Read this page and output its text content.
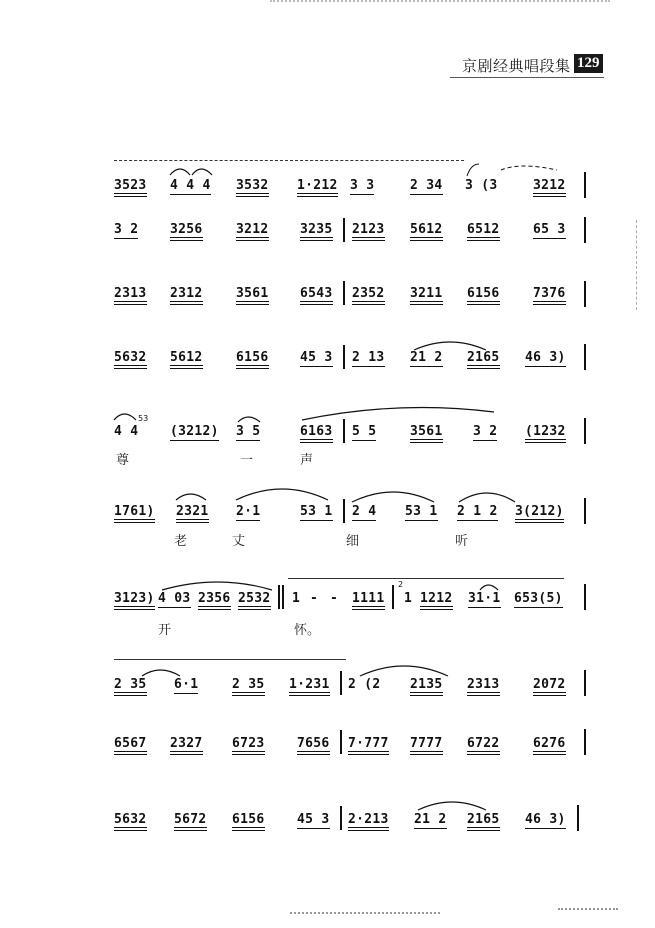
京剧经典唱段集 129
3523 4 4 4 3532 1·212 3 3	2 34 3 (3	3212
3 2 3256	3212 3235 2123 5612 6512	65 3
2313 2312	3561 6543 2352 3211 6156	7376
5632 5612	6156 45 3 2 13 21 2 2165 46 3)
53
4 4 (3212) 3 5	6163 5 5	3561 3 2 (1232
尊	一	声
1761) 2321 2·1	53 1 2 4 53 1 2 1 2 3(212)
老	丈	细	听
3123) 4 03 2356 2532 1 - - 1111
2
1 1212 31·1 653(5)
开	怀。
2 35 6·1	2 35 1·231 2 (2 2135 2313	2072
6567 2327 6723 7656 7·777 7777 6722	6276
5632 5672 6156 45 3 2·213 21 2 2165 46 3)
